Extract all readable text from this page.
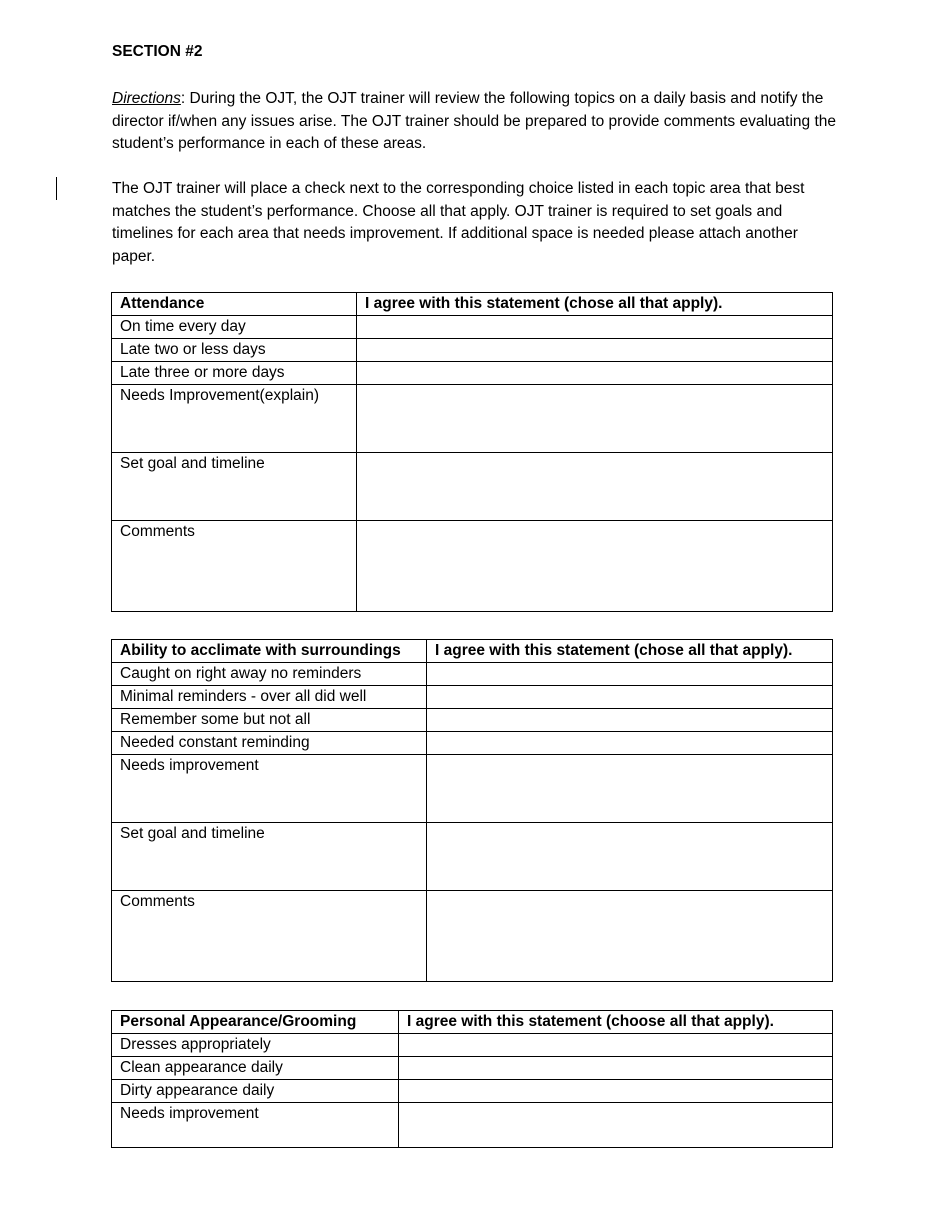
SECTION #2

Directions: During the OJT, the OJT trainer will review the following topics on a daily basis and notify the director if/when any issues arise. The OJT trainer should be prepared to provide comments evaluating the student’s performance in each of these areas.

The OJT trainer will place a check next to the corresponding choice listed in each topic area that best matches the student’s performance. Choose all that apply. OJT trainer is required to set goals and timelines for each area that needs improvement. If additional space is needed please attach another paper.

Attendance	I agree with this statement (chose all that apply).
On time every day	
Late two or less days	
Late three or more days	
Needs Improvement(explain)	
Set goal and timeline	
Comments	
Ability to acclimate with surroundings	I agree with this statement (chose all that apply).
Caught on right away no reminders	
Minimal reminders - over all did well	
Remember some but not all	
Needed constant reminding	
Needs improvement	
Set goal and timeline	
Comments	
Personal Appearance/Grooming	I agree with this statement (choose all that apply).
Dresses appropriately	
Clean appearance daily	
Dirty appearance daily	
Needs improvement	
